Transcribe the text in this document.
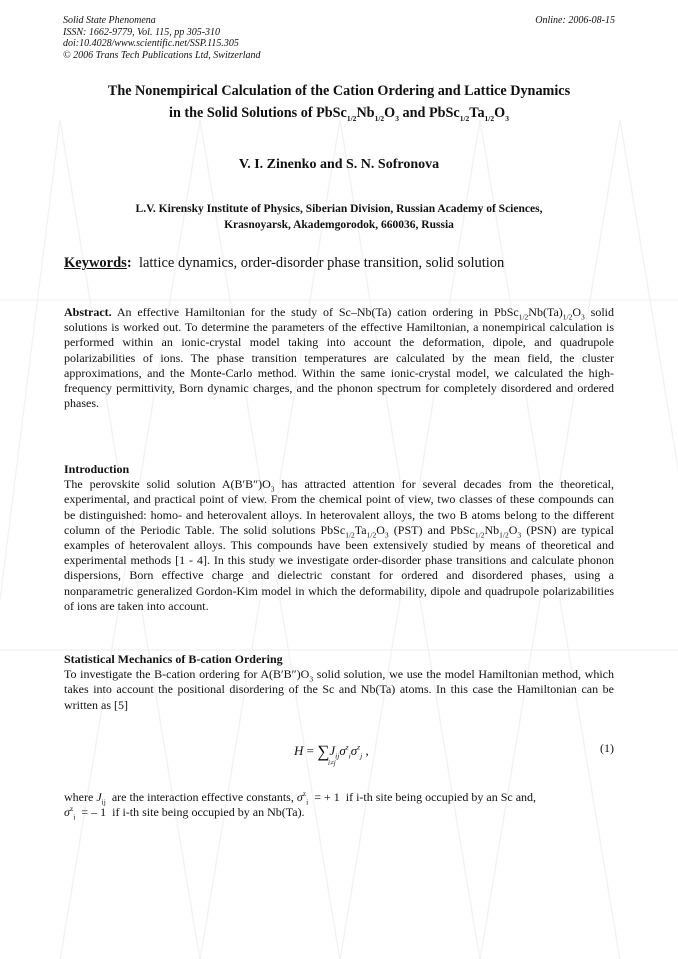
Solid State Phenomena
ISSN: 1662-9779, Vol. 115, pp 305-310
doi:10.4028/www.scientific.net/SSP.115.305
© 2006 Trans Tech Publications Ltd, Switzerland
Online: 2006-08-15
The Nonempirical Calculation of the Cation Ordering and Lattice Dynamics
in the Solid Solutions of $PbSc_{1/2}Nb_{1/2}O_3$ and $PbSc_{1/2}Ta_{1/2}O_3$
V. I. Zinenko and S. N. Sofronova
L.V. Kirensky Institute of Physics, Siberian Division, Russian Academy of Sciences,
Krasnoyarsk, Akademgorodok, 660036, Russia
Keywords:  lattice dynamics, order-disorder phase transition, solid solution
Abstract. An effective Hamiltonian for the study of Sc–Nb(Ta) cation ordering in $PbSc_{1/2}Nb(Ta)_{1/2}O_3$ solid solutions is worked out. To determine the parameters of the effective Hamiltonian, a nonempirical calculation is performed within an ionic-crystal model taking into account the deformation, dipole, and quadrupole polarizabilities of ions. The phase transition temperatures are calculated by the mean field, the cluster approximations, and the Monte-Carlo method. Within the same ionic-crystal model, we calculated the high-frequency permittivity, Born dynamic charges, and the phonon spectrum for completely disordered and ordered phases.
Introduction
The perovskite solid solution $A(B'B'')O_3$ has attracted attention for several decades from the theoretical, experimental, and practical point of view. From the chemical point of view, two classes of these compounds can be distinguished: homo- and heterovalent alloys. In heterovalent alloys, the two B atoms belong to the different column of the Periodic Table. The solid solutions $PbSc_{1/2}Ta_{1/2}O_3$ (PST) and $PbSc_{1/2}Nb_{1/2}O_3$ (PSN) are typical examples of heterovalent alloys. This compounds have been extensively studied by means of theoretical and experimental methods [1 - 4]. In this study we investigate order-disorder phase transitions and calculate phonon dispersions, Born effective charge and dielectric constant for ordered and disordered phases, using a nonparametric generalized Gordon-Kim model in which the deformability, dipole and quadrupole polarizabilities of ions are taken into account.
Statistical Mechanics of B-cation Ordering
To investigate the B-cation ordering for $A(B'B'')O_3$ solid solution, we use the model Hamiltonian method, which takes into account the positional disordering of the Sc and Nb(Ta) atoms. In this case the Hamiltonian can be written as [5]
H = ∑
i≠j
$J_{ij}\sigma^z_i\sigma^z_j$ ,	(1)
where $J_{ij}$  are the interaction effective constants, $\sigma^z_i$  = + 1  if i-th site being occupied by an Sc and,
$\sigma^z_i$  = – 1  if i-th site being occupied by an Nb(Ta).
